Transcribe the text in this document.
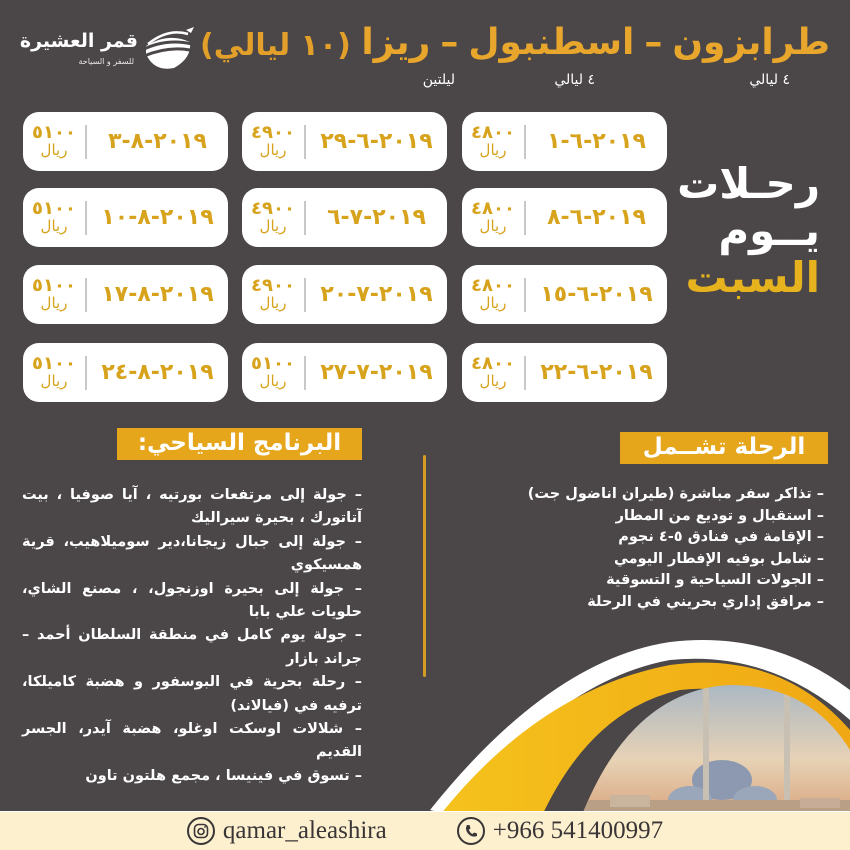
قمر العشيرة
للسفر و السياحة	طرابزون–اسطنبول–ريزا
(١٠ ليالي)
٤ ليالي
٤ ليالي
ليلتين
٢٠١٩-٦-١
٤٨٠٠
ريال
٢٠١٩-٦-٨
٤٨٠٠
ريال
٢٠١٩-٦-١٥
٤٨٠٠
ريال
٢٠١٩-٦-٢٢
٤٨٠٠
ريال
٢٠١٩-٦-٢٩
٤٩٠٠
ريال
٢٠١٩-٧-٦
٤٩٠٠
ريال
٢٠١٩-٧-٢٠
٤٩٠٠
ريال
٢٠١٩-٧-٢٧
٥١٠٠
ريال
٢٠١٩-٨-٣
٥١٠٠
ريال
٢٠١٩-٨-١٠
٥١٠٠
ريال
٢٠١٩-٨-١٧
٥١٠٠
ريال
٢٠١٩-٨-٢٤
٥١٠٠
ريال
رحـلات
يــوم
السبت
الرحلة تشــمل
– تذاكر سفر مباشرة (طيران اناضول جت)
– استقبال و توديع من المطار
– الإقامة في فنادق ٥-٤ نجوم
– شامل بوفيه الإفطار اليومي
– الجولات السياحية و التسوقية
– مرافق إداري بحريني في الرحلة
البرنامج السياحي:
– جولة إلى مرتفعات بورتيه ، آيا صوفيا ، بيت آتاتورك ، بحيرة سيراليك
– جولة إلى جبال زيجانا،دير سوميلاهيب، قرية همسيكوي
– جولة إلى بحيرة اوزنجول، ، مصنع الشاي، حلويات علي بابا
– جولة يوم كامل في منطقة السلطان أحمد – جراند بازار
– رحلة بحرية في البوسفور و هضبة كاميلكا، ترفيه في (فيالاند)
– شلالات اوسكت اوغلو، هضبة آيدر، الجسر القديم
– تسوق في فينيسا ، مجمع هلتون تاون
qamar_aleashira	+966 541400997
